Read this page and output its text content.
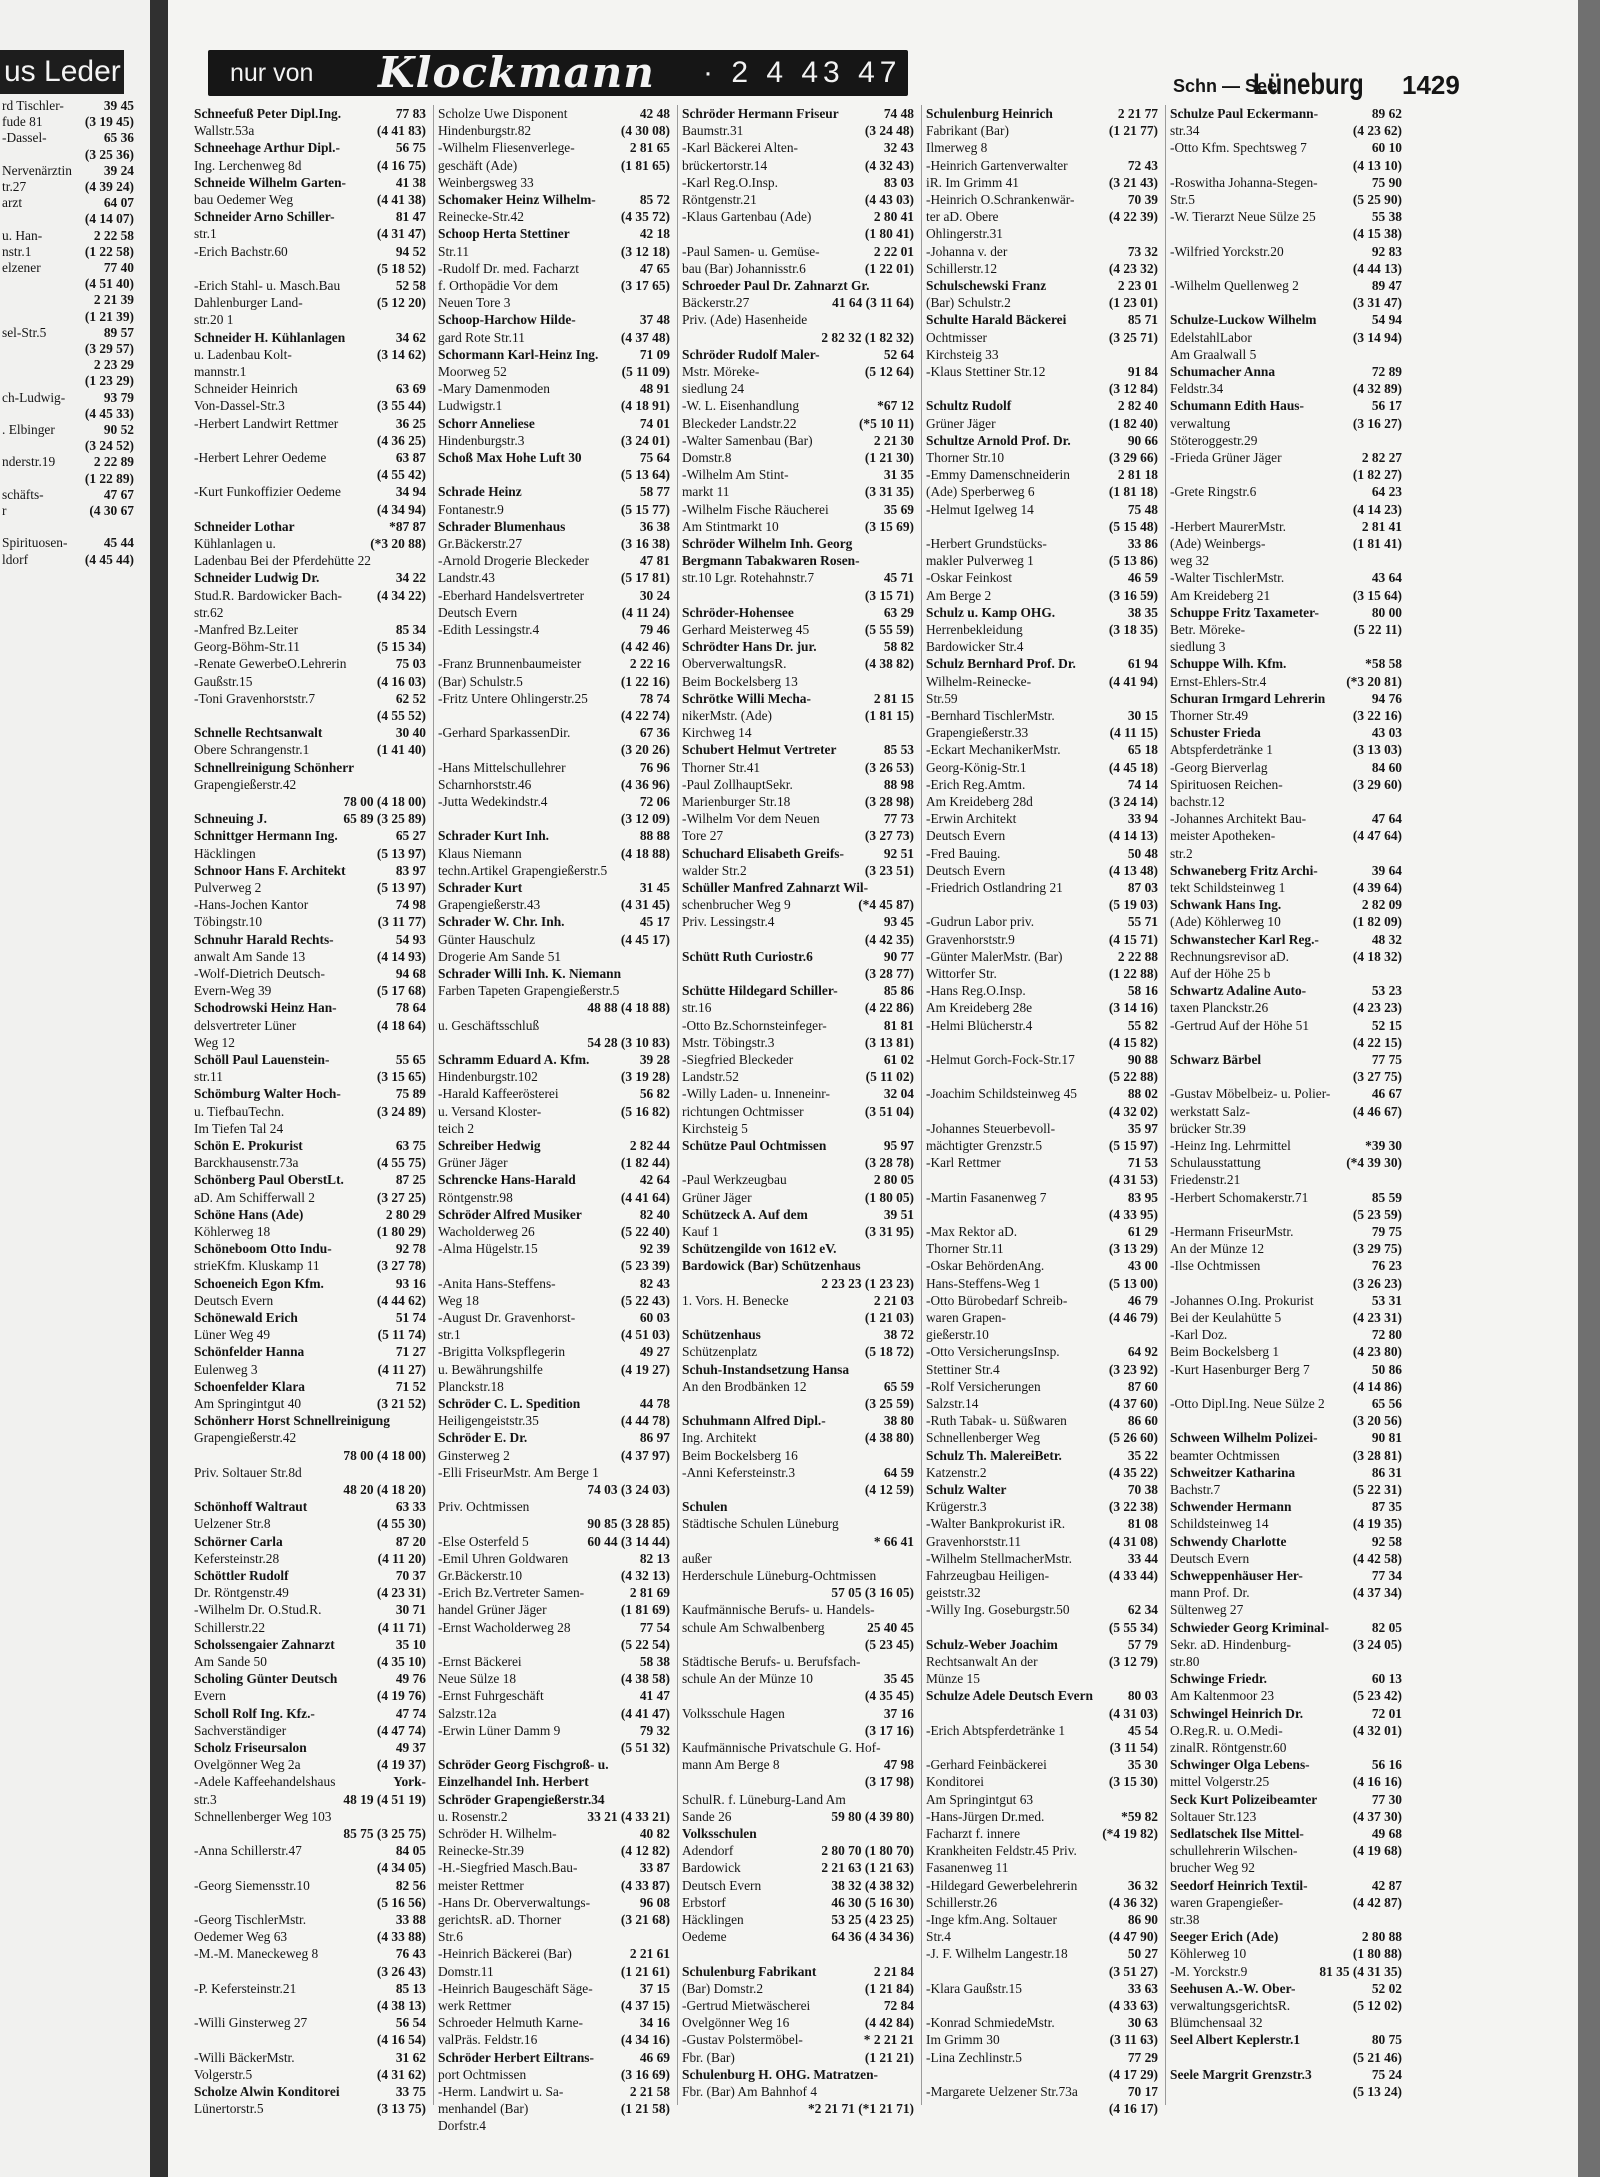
us Leder
39 45
rd Tischler-
(3 19 45)
fude 81
65 36
-Dassel-
(3 25 36)
39 24
Nervenärztin
(4 39 24)
tr.27
64 07
arzt
(4 14 07)
2 22 58
u. Han-
(1 22 58)
nstr.1
77 40
elzener
(4 51 40)
2 21 39
(1 21 39)
89 57
sel-Str.5
(3 29 57)
2 23 29
(1 23 29)
93 79
ch-Ludwig-
(4 45 33)
90 52
. Elbinger
(3 24 52)
2 22 89
nderstr.19
(1 22 89)
47 67
schäfts-
(4 30 67
r
45 44
Spirituosen-
(4 45 44)
ldorf
nur von Klockmann · 2 4 43 47	Schn — See
Lüneburg 1429
77 83
Schneefuß Peter Dipl.Ing.
(4 41 83)
Wallstr.53a
56 75
Schneehage Arthur Dipl.-
(4 16 75)
Ing. Lerchenweg 8d
41 38
Schneide Wilhelm Garten-
(4 41 38)
bau Oedemer Weg
81 47
Schneider Arno Schiller-
(4 31 47)
str.1
94 52
-Erich Bachstr.60
(5 18 52)
52 58
-Erich Stahl- u. Masch.Bau
(5 12 20)
Dahlenburger Land-
str.20 1
34 62
Schneider H. Kühlanlagen
(3 14 62)
u. Ladenbau Kolt-
mannstr.1
63 69
Schneider Heinrich
(3 55 44)
Von-Dassel-Str.3
36 25
-Herbert Landwirt Rettmer
(4 36 25)
63 87
-Herbert Lehrer Oedeme
(4 55 42)
34 94
-Kurt Funkoffizier Oedeme
(4 34 94)
*87 87
Schneider Lothar
(*3 20 88)
Kühlanlagen u.
Ladenbau Bei der Pferdehütte 22
34 22
Schneider Ludwig Dr.
(4 34 22)
Stud.R. Bardowicker Bach-
str.62
85 34
-Manfred Bz.Leiter
(5 15 34)
Georg-Böhm-Str.11
75 03
-Renate GewerbeO.Lehrerin
(4 16 03)
Gaußstr.15
62 52
-Toni Gravenhorststr.7
(4 55 52)
30 40
Schnelle Rechtsanwalt
(1 41 40)
Obere Schrangenstr.1
Schnellreinigung Schönherr
Grapengießerstr.42
78 00 (4 18 00)
65 89 (3 25 89)
Schneuing J.
65 27
Schnittger Hermann Ing.
(5 13 97)
Häcklingen
83 97
Schnoor Hans F. Architekt
(5 13 97)
Pulverweg 2
74 98
-Hans-Jochen Kantor
(3 11 77)
Töbingstr.10
54 93
Schnuhr Harald Rechts-
(4 14 93)
anwalt Am Sande 13
94 68
-Wolf-Dietrich Deutsch-
(5 17 68)
Evern-Weg 39
78 64
Schodrowski Heinz Han-
(4 18 64)
delsvertreter Lüner
Weg 12
55 65
Schöll Paul Lauenstein-
(3 15 65)
str.11
75 89
Schömburg Walter Hoch-
(3 24 89)
u. TiefbauTechn.
Im Tiefen Tal 24
63 75
Schön E. Prokurist
(4 55 75)
Barckhausenstr.73a
87 25
Schönberg Paul OberstLt.
(3 27 25)
aD. Am Schifferwall 2
2 80 29
Schöne Hans (Ade)
(1 80 29)
Köhlerweg 18
92 78
Schöneboom Otto Indu-
(3 27 78)
strieKfm. Kluskamp 11
93 16
Schoeneich Egon Kfm.
(4 44 62)
Deutsch Evern
51 74
Schönewald Erich
(5 11 74)
Lüner Weg 49
71 27
Schönfelder Hanna
(4 11 27)
Eulenweg 3
71 52
Schoenfelder Klara
(3 21 52)
Am Springintgut 40
Schönherr Horst Schnellreinigung
Grapengießerstr.42
78 00 (4 18 00)
Priv. Soltauer Str.8d
48 20 (4 18 20)
63 33
Schönhoff Waltraut
(4 55 30)
Uelzener Str.8
87 20
Schörner Carla
(4 11 20)
Kefersteinstr.28
70 37
Schöttler Rudolf
(4 23 31)
Dr. Röntgenstr.49
30 71
-Wilhelm Dr. O.Stud.R.
(4 11 71)
Schillerstr.22
35 10
Scholssengaier Zahnarzt
(4 35 10)
Am Sande 50
49 76
Scholing Günter Deutsch
(4 19 76)
Evern
47 74
Scholl Rolf Ing. Kfz.-
(4 47 74)
Sachverständiger
49 37
Scholz Friseursalon
(4 19 37)
Ovelgönner Weg 2a
York-
-Adele Kaffeehandelshaus
48 19 (4 51 19)
str.3
Schnellenberger Weg 103
85 75 (3 25 75)
84 05
-Anna Schillerstr.47
(4 34 05)
82 56
-Georg Siemensstr.10
(5 16 56)
33 88
-Georg TischlerMstr.
(4 33 88)
Oedemer Weg 63
76 43
-M.-M. Maneckeweg 8
(3 26 43)
85 13
-P. Kefersteinstr.21
(4 38 13)
56 54
-Willi Ginsterweg 27
(4 16 54)
31 62
-Willi BäckerMstr.
(4 31 62)
Volgerstr.5
33 75
Scholze Alwin Konditorei
(3 13 75)
Lünertorstr.5
42 48
Scholze Uwe Disponent
(4 30 08)
Hindenburgstr.82
2 81 65
-Wilhelm Fliesenverlege-
(1 81 65)
geschäft (Ade)
Weinbergsweg 33
85 72
Schomaker Heinz Wilhelm-
(4 35 72)
Reinecke-Str.42
42 18
Schoop Herta Stettiner
(3 12 18)
Str.11
47 65
-Rudolf Dr. med. Facharzt
(3 17 65)
f. Orthopädie Vor dem
Neuen Tore 3
37 48
Schoop-Harchow Hilde-
(4 37 48)
gard Rote Str.11
71 09
Schormann Karl-Heinz Ing.
(5 11 09)
Moorweg 52
48 91
-Mary Damenmoden
(4 18 91)
Ludwigstr.1
74 01
Schorr Anneliese
(3 24 01)
Hindenburgstr.3
75 64
Schoß Max Hohe Luft 30
(5 13 64)
58 77
Schrade Heinz
(5 15 77)
Fontanestr.9
36 38
Schrader Blumenhaus
(3 16 38)
Gr.Bäckerstr.27
47 81
-Arnold Drogerie Bleckeder
(5 17 81)
Landstr.43
30 24
-Eberhard Handelsvertreter
(4 11 24)
Deutsch Evern
79 46
-Edith Lessingstr.4
(4 42 46)
2 22 16
-Franz Brunnenbaumeister
(1 22 16)
(Bar) Schulstr.5
78 74
-Fritz Untere Ohlingerstr.25
(4 22 74)
67 36
-Gerhard SparkassenDir.
(3 20 26)
76 96
-Hans Mittelschullehrer
(4 36 96)
Scharnhorststr.46
72 06
-Jutta Wedekindstr.4
(3 12 09)
88 88
Schrader Kurt Inh.
(4 18 88)
Klaus Niemann
techn.Artikel Grapengießerstr.5
31 45
Schrader Kurt
(4 31 45)
Grapengießerstr.43
45 17
Schrader W. Chr. Inh.
(4 45 17)
Günter Hauschulz
Drogerie Am Sande 51
Schrader Willi Inh. K. Niemann
Farben Tapeten Grapengießerstr.5
48 88 (4 18 88)
u. Geschäftsschluß
54 28 (3 10 83)
39 28
Schramm Eduard A. Kfm.
(3 19 28)
Hindenburgstr.102
56 82
-Harald Kaffeerösterei
(5 16 82)
u. Versand Kloster-
teich 2
2 82 44
Schreiber Hedwig
(1 82 44)
Grüner Jäger
42 64
Schrencke Hans-Harald
(4 41 64)
Röntgenstr.98
82 40
Schröder Alfred Musiker
(5 22 40)
Wacholderweg 26
92 39
-Alma Hügelstr.15
(5 23 39)
82 43
-Anita Hans-Steffens-
(5 22 43)
Weg 18
60 03
-August Dr. Gravenhorst-
(4 51 03)
str.1
49 27
-Brigitta Volkspflegerin
(4 19 27)
u. Bewährungshilfe
Planckstr.18
44 78
Schröder C. L. Spedition
(4 44 78)
Heiligengeiststr.35
86 97
Schröder E. Dr.
(4 37 97)
Ginsterweg 2
-Elli FriseurMstr. Am Berge 1
74 03 (3 24 03)
Priv. Ochtmissen
90 85 (3 28 85)
60 44 (3 14 44)
-Else Osterfeld 5
82 13
-Emil Uhren Goldwaren
(4 32 13)
Gr.Bäckerstr.10
2 81 69
-Erich Bz.Vertreter Samen-
(1 81 69)
handel Grüner Jäger
77 54
-Ernst Wacholderweg 28
(5 22 54)
58 38
-Ernst Bäckerei
(4 38 58)
Neue Sülze 18
41 47
-Ernst Fuhrgeschäft
(4 41 47)
Salzstr.12a
79 32
-Erwin Lüner Damm 9
(5 51 32)
Schröder Georg Fischgroß- u.
Einzelhandel Inh. Herbert
Schröder Grapengießerstr.34
33 21 (4 33 21)
u. Rosenstr.2
40 82
Schröder H. Wilhelm-
(4 12 82)
Reinecke-Str.39
33 87
-H.-Siegfried Masch.Bau-
(4 33 87)
meister Rettmer
96 08
-Hans Dr. Oberverwaltungs-
(3 21 68)
gerichtsR. aD. Thorner
Str.6
2 21 61
-Heinrich Bäckerei (Bar)
(1 21 61)
Domstr.11
37 15
-Heinrich Baugeschäft Säge-
(4 37 15)
werk Rettmer
34 16
Schroeder Helmuth Karne-
(4 34 16)
valPräs. Feldstr.16
46 69
Schröder Herbert Eiltrans-
(3 16 69)
port Ochtmissen
2 21 58
-Herm. Landwirt u. Sa-
(1 21 58)
menhandel (Bar)
Dorfstr.4
74 48
Schröder Hermann Friseur
(3 24 48)
Baumstr.31
32 43
-Karl Bäckerei Alten-
(4 32 43)
brückertorstr.14
83 03
-Karl Reg.O.Insp.
(4 43 03)
Röntgenstr.21
2 80 41
-Klaus Gartenbau (Ade)
(1 80 41)
2 22 01
-Paul Samen- u. Gemüse-
(1 22 01)
bau (Bar) Johannisstr.6
Schroeder Paul Dr. Zahnarzt Gr.
41 64 (3 11 64)
Bäckerstr.27
Priv. (Ade) Hasenheide
2 82 32 (1 82 32)
52 64
Schröder Rudolf Maler-
(5 12 64)
Mstr. Möreke-
siedlung 24
*67 12
-W. L. Eisenhandlung
(*5 10 11)
Bleckeder Landstr.22
2 21 30
-Walter Samenbau (Bar)
(1 21 30)
Domstr.8
31 35
-Wilhelm Am Stint-
(3 31 35)
markt 11
35 69
-Wilhelm Fische Räucherei
(3 15 69)
Am Stintmarkt 10
Schröder Wilhelm Inh. Georg
Bergmann Tabakwaren Rosen-
45 71
str.10 Lgr. Rotehahnstr.7
(3 15 71)
63 29
Schröder-Hohensee
(5 55 59)
Gerhard Meisterweg 45
58 82
Schrödter Hans Dr. jur.
(4 38 82)
OberverwaltungsR.
Beim Bockelsberg 13
2 81 15
Schrötke Willi Mecha-
(1 81 15)
nikerMstr. (Ade)
Kirchweg 14
85 53
Schubert Helmut Vertreter
(3 26 53)
Thorner Str.41
88 98
-Paul ZollhauptSekr.
(3 28 98)
Marienburger Str.18
77 73
-Wilhelm Vor dem Neuen
(3 27 73)
Tore 27
92 51
Schuchard Elisabeth Greifs-
(3 23 51)
walder Str.2
Schüller Manfred Zahnarzt Wil-
(*4 45 87)
schenbrucher Weg 9
93 45
Priv. Lessingstr.4
(4 42 35)
90 77
Schütt Ruth Curiostr.6
(3 28 77)
85 86
Schütte Hildegard Schiller-
(4 22 86)
str.16
81 81
-Otto Bz.Schornsteinfeger-
(3 13 81)
Mstr. Töbingstr.3
61 02
-Siegfried Bleckeder
(5 11 02)
Landstr.52
32 04
-Willy Laden- u. Inneneinr-
(3 51 04)
richtungen Ochtmisser
Kirchsteig 5
95 97
Schütze Paul Ochtmissen
(3 28 78)
2 80 05
-Paul Werkzeugbau
(1 80 05)
Grüner Jäger
39 51
Schützeck A. Auf dem
(3 31 95)
Kauf 1
Schützengilde von 1612 eV.
Bardowick (Bar) Schützenhaus
2 23 23 (1 23 23)
2 21 03
1. Vors. H. Benecke
(1 21 03)
38 72
Schützenhaus
(5 18 72)
Schützenplatz
Schuh-Instandsetzung Hansa
65 59
An den Brodbänken 12
(3 25 59)
38 80
Schuhmann Alfred Dipl.-
(4 38 80)
Ing. Architekt
Beim Bockelsberg 16
64 59
-Anni Kefersteinstr.3
(4 12 59)
Schulen
Städtische Schulen Lüneburg
* 66 41
außer
Herderschule Lüneburg-Ochtmissen
57 05 (3 16 05)
Kaufmännische Berufs- u. Handels-
25 40 45
schule Am Schwalbenberg
(5 23 45)
Städtische Berufs- u. Berufsfach-
35 45
schule An der Münze 10
(4 35 45)
37 16
Volksschule Hagen
(3 17 16)
Kaufmännische Privatschule G. Hof-
47 98
mann Am Berge 8
(3 17 98)
SchulR. f. Lüneburg-Land Am
59 80 (4 39 80)
Sande 26
Volksschulen
2 80 70 (1 80 70)
Adendorf
2 21 63 (1 21 63)
Bardowick
38 32 (4 38 32)
Deutsch Evern
46 30 (5 16 30)
Erbstorf
53 25 (4 23 25)
Häcklingen
64 36 (4 34 36)
Oedeme
2 21 84
Schulenburg Fabrikant
(1 21 84)
(Bar) Domstr.2
72 84
-Gertrud Mietwäscherei
(4 42 84)
Ovelgönner Weg 16
* 2 21 21
-Gustav Polstermöbel-
(1 21 21)
Fbr. (Bar)
Schulenburg H. OHG. Matratzen-
Fbr. (Bar) Am Bahnhof 4
*2 21 71 (*1 21 71)
2 21 77
Schulenburg Heinrich
(1 21 77)
Fabrikant (Bar)
Ilmerweg 8
72 43
-Heinrich Gartenverwalter
(3 21 43)
iR. Im Grimm 41
70 39
-Heinrich O.Schrankenwär-
(4 22 39)
ter aD. Obere
Ohlingerstr.31
73 32
-Johanna v. der
(4 23 32)
Schillerstr.12
2 23 01
Schulschewski Franz
(1 23 01)
(Bar) Schulstr.2
85 71
Schulte Harald Bäckerei
(3 25 71)
Ochtmisser
Kirchsteig 33
91 84
-Klaus Stettiner Str.12
(3 12 84)
2 82 40
Schultz Rudolf
(1 82 40)
Grüner Jäger
90 66
Schultze Arnold Prof. Dr.
(3 29 66)
Thorner Str.10
2 81 18
-Emmy Damenschneiderin
(1 81 18)
(Ade) Sperberweg 6
75 48
-Helmut Igelweg 14
(5 15 48)
33 86
-Herbert Grundstücks-
(5 13 86)
makler Pulverweg 1
46 59
-Oskar Feinkost
(3 16 59)
Am Berge 2
38 35
Schulz u. Kamp OHG.
(3 18 35)
Herrenbekleidung
Bardowicker Str.4
61 94
Schulz Bernhard Prof. Dr.
(4 41 94)
Wilhelm-Reinecke-
Str.59
30 15
-Bernhard TischlerMstr.
(4 11 15)
Grapengießerstr.33
65 18
-Eckart MechanikerMstr.
(4 45 18)
Georg-König-Str.1
74 14
-Erich Reg.Amtm.
(3 24 14)
Am Kreideberg 28d
33 94
-Erwin Architekt
(4 14 13)
Deutsch Evern
50 48
-Fred Bauing.
(4 13 48)
Deutsch Evern
87 03
-Friedrich Ostlandring 21
(5 19 03)
55 71
-Gudrun Labor priv.
(4 15 71)
Gravenhorststr.9
2 22 88
-Günter MalerMstr. (Bar)
(1 22 88)
Wittorfer Str.
58 16
-Hans Reg.O.Insp.
(3 14 16)
Am Kreideberg 28e
55 82
-Helmi Blücherstr.4
(4 15 82)
90 88
-Helmut Gorch-Fock-Str.17
(5 22 88)
88 02
-Joachim Schildsteinweg 45
(4 32 02)
35 97
-Johannes Steuerbevoll-
(5 15 97)
mächtigter Grenzstr.5
71 53
-Karl Rettmer
(4 31 53)
83 95
-Martin Fasanenweg 7
(4 33 95)
61 29
-Max Rektor aD.
(3 13 29)
Thorner Str.11
43 00
-Oskar BehördenAng.
(5 13 00)
Hans-Steffens-Weg 1
46 79
-Otto Bürobedarf Schreib-
(4 46 79)
waren Grapen-
gießerstr.10
64 92
-Otto VersicherungsInsp.
(3 23 92)
Stettiner Str.4
87 60
-Rolf Versicherungen
(4 37 60)
Salzstr.14
86 60
-Ruth Tabak- u. Süßwaren
(5 26 60)
Schnellenberger Weg
35 22
Schulz Th. MalereiBetr.
(4 35 22)
Katzenstr.2
70 38
Schulz Walter
(3 22 38)
Krügerstr.3
81 08
-Walter Bankprokurist iR.
(4 31 08)
Gravenhorststr.11
33 44
-Wilhelm StellmacherMstr.
(4 33 44)
Fahrzeugbau Heiligen-
geiststr.32
62 34
-Willy Ing. Goseburgstr.50
(5 55 34)
57 79
Schulz-Weber Joachim
(3 12 79)
Rechtsanwalt An der
Münze 15
80 03
Schulze Adele Deutsch Evern
(4 31 03)
45 54
-Erich Abtspferdetränke 1
(3 11 54)
35 30
-Gerhard Feinbäckerei
(3 15 30)
Konditorei
Am Springintgut 63
*59 82
-Hans-Jürgen Dr.med.
(*4 19 82)
Facharzt f. innere
Krankheiten Feldstr.45 Priv.
Fasanenweg 11
36 32
-Hildegard Gewerbelehrerin
(4 36 32)
Schillerstr.26
86 90
-Inge kfm.Ang. Soltauer
(4 47 90)
Str.4
50 27
-J. F. Wilhelm Langestr.18
(3 51 27)
33 63
-Klara Gaußstr.15
(4 33 63)
30 63
-Konrad SchmiedeMstr.
(3 11 63)
Im Grimm 30
77 29
-Lina Zechlinstr.5
(4 17 29)
70 17
-Margarete Uelzener Str.73a
(4 16 17)
89 62
Schulze Paul Eckermann-
(4 23 62)
str.34
60 10
-Otto Kfm. Spechtsweg 7
(4 13 10)
75 90
-Roswitha Johanna-Stegen-
(5 25 90)
Str.5
55 38
-W. Tierarzt Neue Sülze 25
(4 15 38)
92 83
-Wilfried Yorckstr.20
(4 44 13)
89 47
-Wilhelm Quellenweg 2
(3 31 47)
54 94
Schulze-Luckow Wilhelm
(3 14 94)
EdelstahlLabor
Am Graalwall 5
72 89
Schumacher Anna
(4 32 89)
Feldstr.34
56 17
Schumann Edith Haus-
(3 16 27)
verwaltung
Stöteroggestr.29
2 82 27
-Frieda Grüner Jäger
(1 82 27)
64 23
-Grete Ringstr.6
(4 14 23)
2 81 41
-Herbert MaurerMstr.
(1 81 41)
(Ade) Weinbergs-
weg 32
43 64
-Walter TischlerMstr.
(3 15 64)
Am Kreideberg 21
80 00
Schuppe Fritz Taxameter-
(5 22 11)
Betr. Möreke-
siedlung 3
*58 58
Schuppe Wilh. Kfm.
(*3 20 81)
Ernst-Ehlers-Str.4
94 76
Schuran Irmgard Lehrerin
(3 22 16)
Thorner Str.49
43 03
Schuster Frieda
(3 13 03)
Abtspferdetränke 1
84 60
-Georg Bierverlag
(3 29 60)
Spirituosen Reichen-
bachstr.12
47 64
-Johannes Architekt Bau-
(4 47 64)
meister Apotheken-
str.2
39 64
Schwaneberg Fritz Archi-
(4 39 64)
tekt Schildsteinweg 1
2 82 09
Schwank Hans Ing.
(1 82 09)
(Ade) Köhlerweg 10
48 32
Schwanstecher Karl Reg.-
(4 18 32)
Rechnungsrevisor aD.
Auf der Höhe 25 b
53 23
Schwartz Adaline Auto-
(4 23 23)
taxen Planckstr.26
52 15
-Gertrud Auf der Höhe 51
(4 22 15)
77 75
Schwarz Bärbel
(3 27 75)
46 67
-Gustav Möbelbeiz- u. Polier-
(4 46 67)
werkstatt Salz-
brücker Str.39
*39 30
-Heinz Ing. Lehrmittel
(*4 39 30)
Schulausstattung
Friedenstr.21
85 59
-Herbert Schomakerstr.71
(5 23 59)
79 75
-Hermann FriseurMstr.
(3 29 75)
An der Münze 12
76 23
-Ilse Ochtmissen
(3 26 23)
53 31
-Johannes O.Ing. Prokurist
(4 23 31)
Bei der Keulahütte 5
72 80
-Karl Doz.
(4 23 80)
Beim Bockelsberg 1
50 86
-Kurt Hasenburger Berg 7
(4 14 86)
65 56
-Otto Dipl.Ing. Neue Sülze 2
(3 20 56)
90 81
Schween Wilhelm Polizei-
(3 28 81)
beamter Ochtmissen
86 31
Schweitzer Katharina
(5 22 31)
Bachstr.7
87 35
Schwender Hermann
(4 19 35)
Schildsteinweg 14
92 58
Schwendy Charlotte
(4 42 58)
Deutsch Evern
77 34
Schweppenhäuser Her-
(4 37 34)
mann Prof. Dr.
Sültenweg 27
82 05
Schwieder Georg Kriminal-
(3 24 05)
Sekr. aD. Hindenburg-
str.80
60 13
Schwinge Friedr.
(5 23 42)
Am Kaltenmoor 23
72 01
Schwingel Heinrich Dr.
(4 32 01)
O.Reg.R. u. O.Medi-
zinalR. Röntgenstr.60
56 16
Schwinger Olga Lebens-
(4 16 16)
mittel Volgerstr.25
77 30
Seck Kurt Polizeibeamter
(4 37 30)
Soltauer Str.123
49 68
Sedlatschek Ilse Mittel-
(4 19 68)
schullehrerin Wilschen-
brucher Weg 92
42 87
Seedorf Heinrich Textil-
(4 42 87)
waren Grapengießer-
str.38
2 80 88
Seeger Erich (Ade)
(1 80 88)
Köhlerweg 10
81 35 (4 31 35)
-M. Yorckstr.9
52 02
Seehusen A.-W. Ober-
(5 12 02)
verwaltungsgerichtsR.
Blümchensaal 32
80 75
Seel Albert Keplerstr.1
(5 21 46)
75 24
Seele Margrit Grenzstr.3
(5 13 24)
